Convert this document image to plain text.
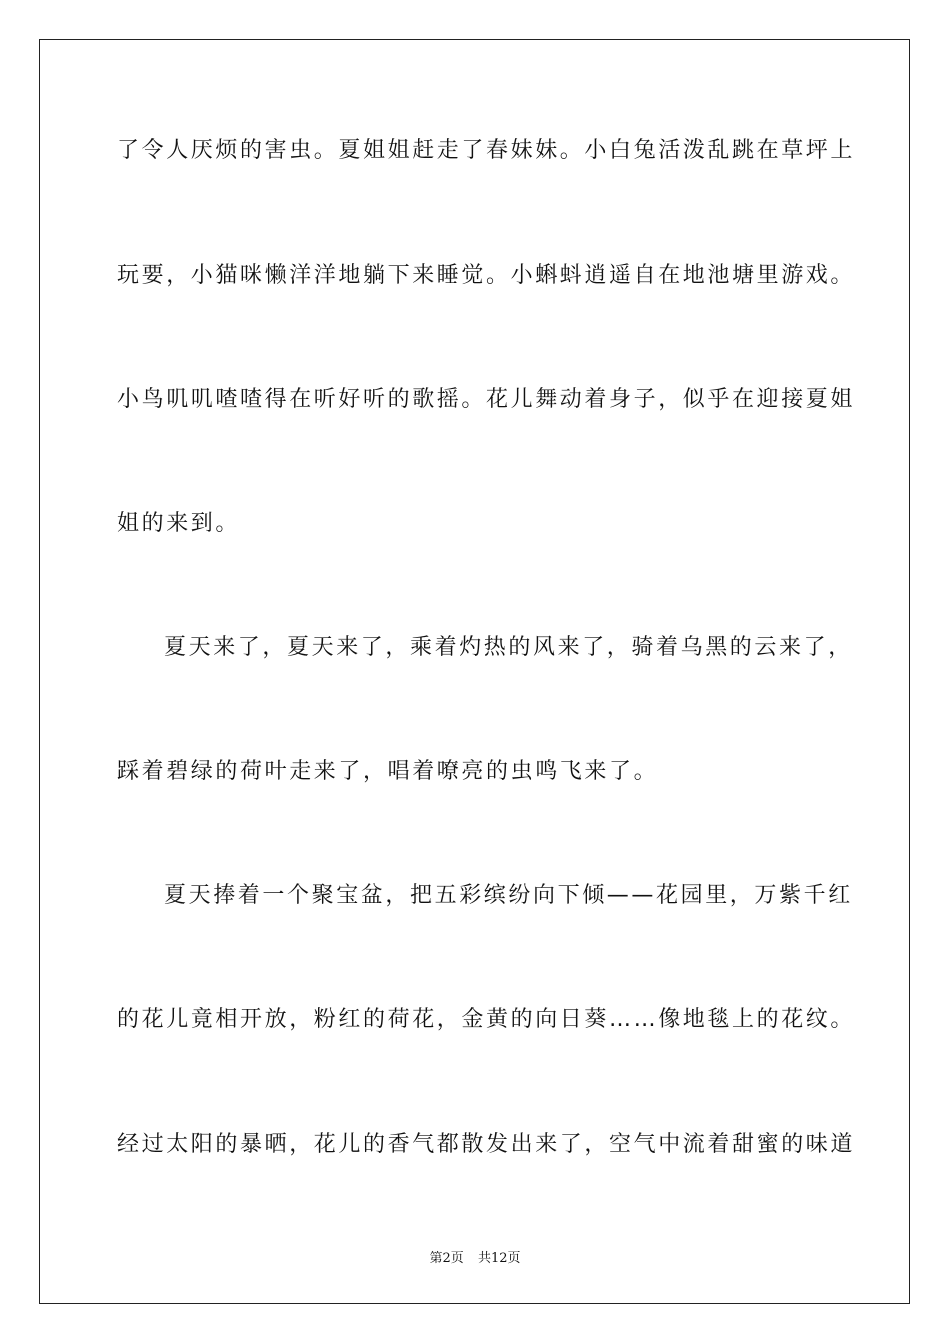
了令人厌烦的害虫。夏姐姐赶走了春妹妹。小白兔活泼乱跳在草坪上
玩要，小猫咪懒洋洋地躺下来睡觉。小蝌蚪逍遥自在地池塘里游戏。
小鸟叽叽喳喳得在听好听的歌摇。花儿舞动着身子，似乎在迎接夏姐
姐的来到。
夏天来了，夏天来了，乘着灼热的风来了，骑着乌黑的云来了，
踩着碧绿的荷叶走来了，唱着嘹亮的虫鸣飞来了。
夏天捧着一个聚宝盆，把五彩缤纷向下倾——花园里，万紫千红
的花儿竟相开放，粉红的荷花，金黄的向日葵……像地毯上的花纹。
经过太阳的暴晒，花儿的香气都散发出来了，空气中流着甜蜜的味道
第2页 共12页
